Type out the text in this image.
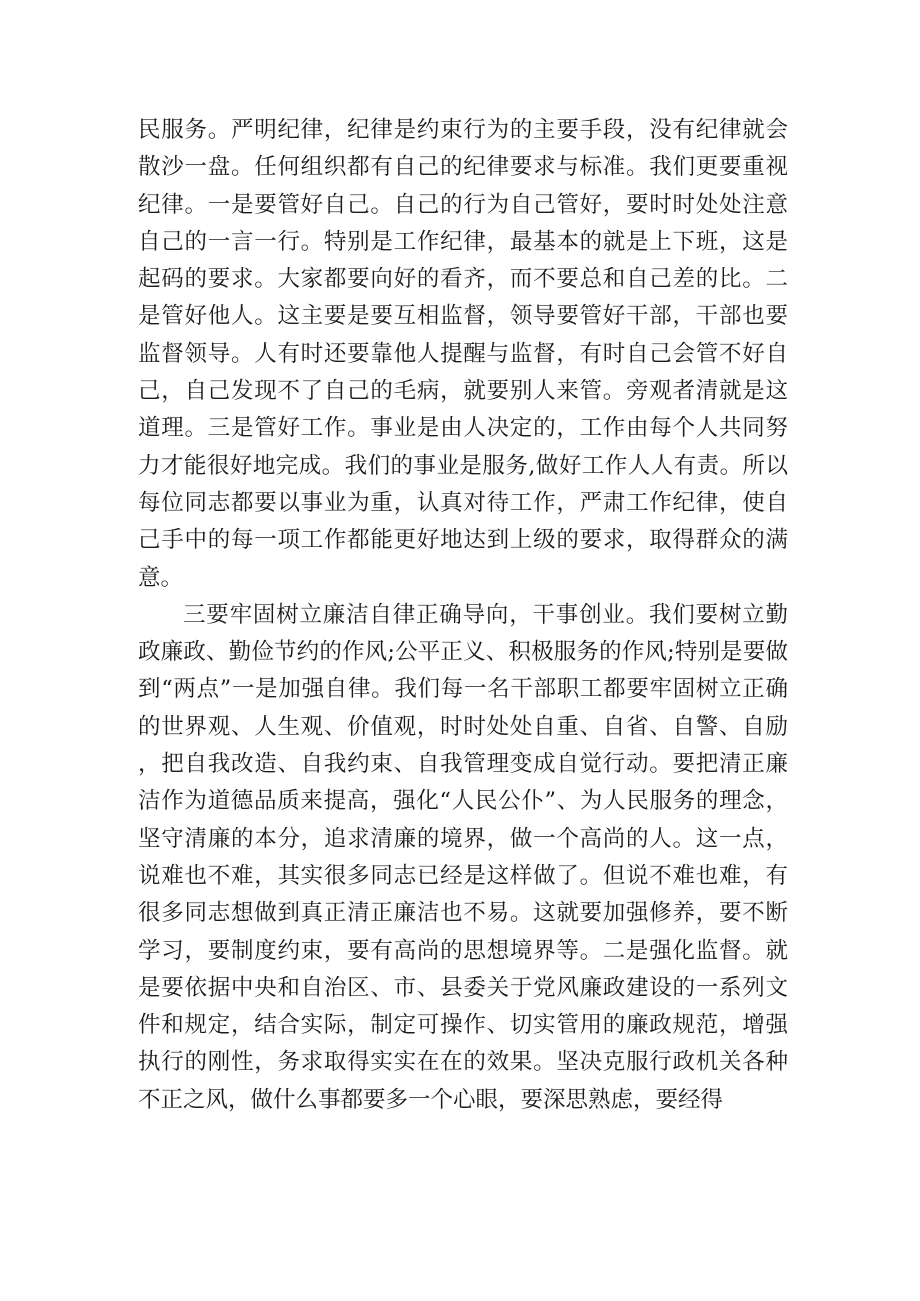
民服务。严明纪律，纪律是约束行为的主要手段，没有纪律就会散沙一盘。任何组织都有自己的纪律要求与标准。我们更要重视纪律。一是要管好自己。自己的行为自己管好，要时时处处注意自己的一言一行。特别是工作纪律，最基本的就是上下班，这是起码的要求。大家都要向好的看齐，而不要总和自己差的比。二是管好他人。这主要是要互相监督，领导要管好干部，干部也要监督领导。人有时还要靠他人提醒与监督，有时自己会管不好自己，自己发现不了自己的毛病，就要别人来管。旁观者清就是这道理。三是管好工作。事业是由人决定的，工作由每个人共同努力才能很好地完成。我们的事业是服务,做好工作人人有责。所以每位同志都要以事业为重，认真对待工作，严肃工作纪律，使自己手中的每一项工作都能更好地达到上级的要求，取得群众的满意。

三要牢固树立廉洁自律正确导向，干事创业。我们要树立勤政廉政、勤俭节约的作风;公平正义、积极服务的作风;特别是要做到“两点”一是加强自律。我们每一名干部职工都要牢固树立正确的世界观、人生观、价值观，时时处处自重、自省、自警、自励，把自我改造、自我约束、自我管理变成自觉行动。要把清正廉洁作为道德品质来提高，强化“人民公仆”、为人民服务的理念，坚守清廉的本分，追求清廉的境界，做一个高尚的人。这一点，说难也不难，其实很多同志已经是这样做了。但说不难也难，有很多同志想做到真正清正廉洁也不易。这就要加强修养，要不断学习，要制度约束，要有高尚的思想境界等。二是强化监督。就是要依据中央和自治区、市、县委关于党风廉政建设的一系列文件和规定，结合实际，制定可操作、切实管用的廉政规范，增强执行的刚性，务求取得实实在在的效果。坚决克服行政机关各种不正之风，做什么事都要多一个心眼，要深思熟虑，要经得
